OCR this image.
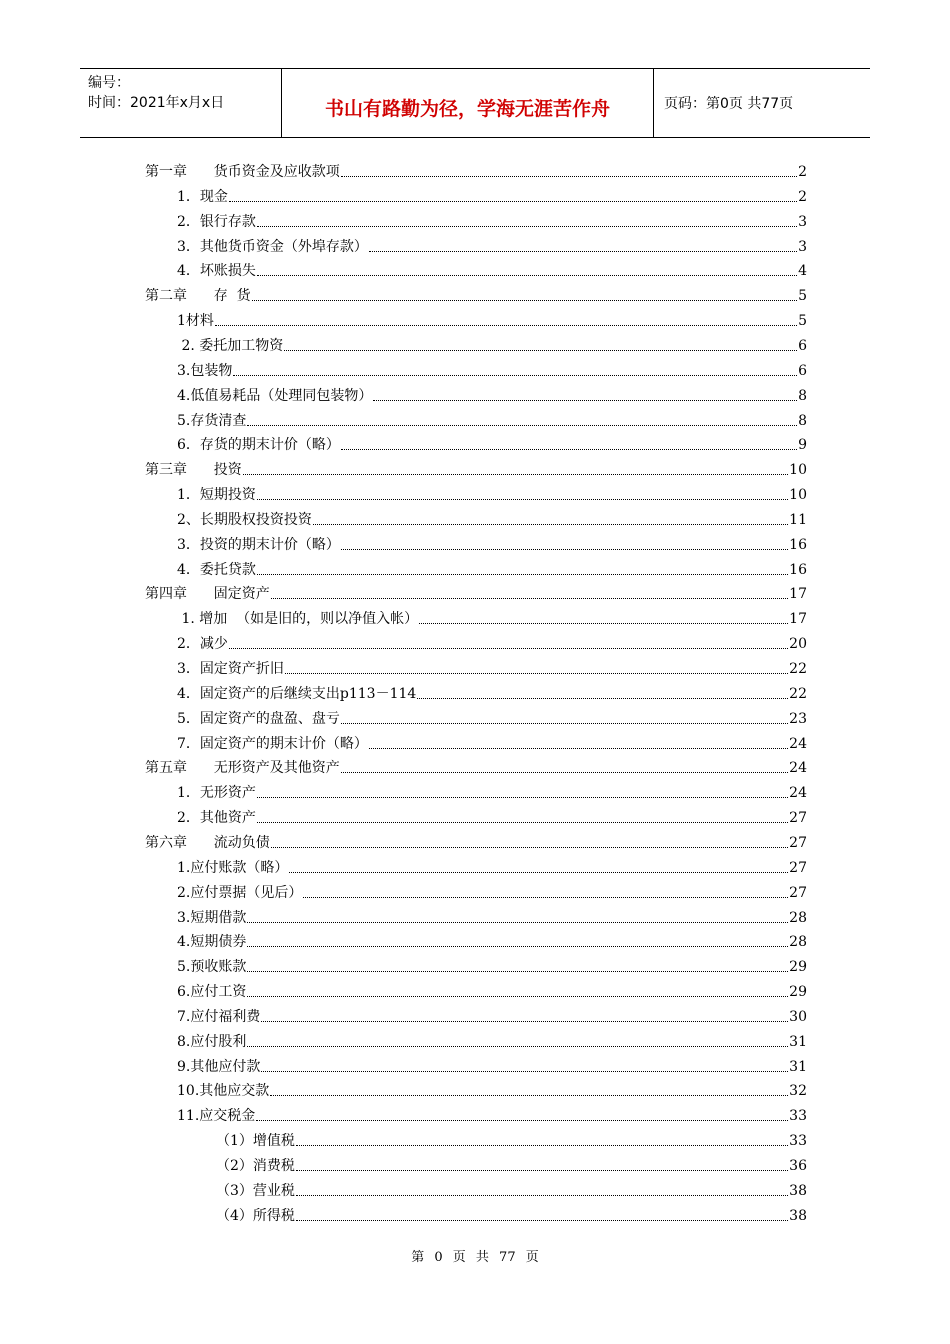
编号：
时间：2021年x月x日	书山有路勤为径，学海无涯苦作舟	页码：第0页 共77页
第一章      货币资金及应收款项	2
1．现金	2
2．银行存款	3
3．其他货币资金（外埠存款）	3
4．坏账损失	4
第二章      存  货	5
1材料	5
2. 委托加工物资	6
3.包装物	6
4.低值易耗品（处理同包装物）	8
5.存货清查	8
6．存货的期末计价（略）	9
第三章      投资	10
1．短期投资	10
2、长期股权投资投资	11
3．投资的期末计价（略）	16
4．委托贷款	16
第四章      固定资产	17
1. 增加  （如是旧的，则以净值入帐）	17
2．减少	20
3．固定资产折旧	22
4．固定资产的后继续支出p113－114	22
5．固定资产的盘盈、盘亏	23
7．固定资产的期末计价（略）	24
第五章      无形资产及其他资产	24
1．无形资产	24
2．其他资产	27
第六章      流动负债	27
1.应付账款（略）	27
2.应付票据（见后）	27
3.短期借款	28
4.短期债券	28
5.预收账款	29
6.应付工资	29
7.应付福利费	30
8.应付股利	31
9.其他应付款	31
10.其他应交款	32
11.应交税金	33
（1）增值税	33
（2）消费税	36
（3）营业税	38
（4）所得税	38
第 0 页 共 77 页
